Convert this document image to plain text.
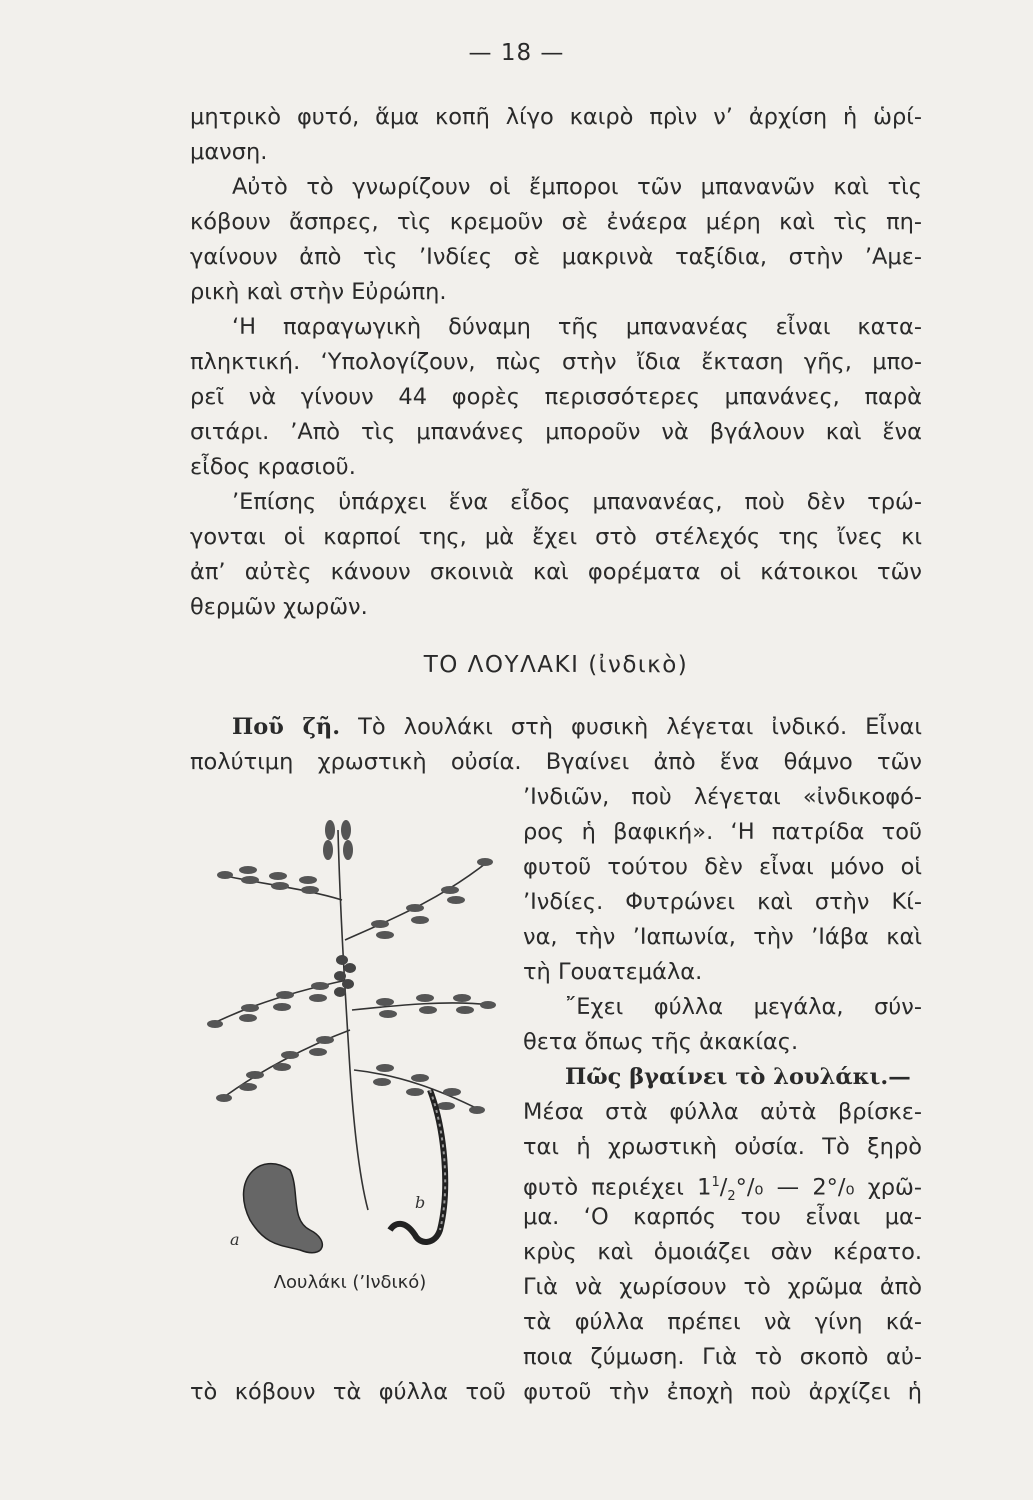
— 18 —
μητρικὸ φυτό, ἅμα κοπῆ λίγο καιρὸ πρὶν ν’ ἀρχίση ἡ ὡρί-
μανση.
Αὐτὸ τὸ γνωρίζουν οἱ ἔμποροι τῶν μπανανῶν καὶ τὶς
κόβουν ἄσπρες, τὶς κρεμοῦν σὲ ἐνάερα μέρη καὶ τὶς πη-
γαίνουν ἀπὸ τὶς ’Ινδίες σὲ μακρινὰ ταξίδια, στὴν ’Αμε-
ρικὴ καὶ στὴν Εὐρώπη.
‘Η παραγωγικὴ δύναμη τῆς μπανανέας εἶναι κατα-
πληκτική. ‘Υπολογίζουν, πὼς στὴν ἴδια ἔκταση γῆς, μπο-
ρεῖ νὰ γίνουν 44 φορὲς περισσότερες μπανάνες, παρὰ
σιτάρι. ’Απὸ τὶς μπανάνες μποροῦν νὰ βγάλουν καὶ ἕνα
εἶδος κρασιοῦ.
’Επίσης ὑπάρχει ἕνα εἶδος μπανανέας, ποὺ δὲν τρώ-
γονται οἱ καρποί της, μὰ ἔχει στὸ στέλεχός της ἴνες κι
ἀπ’ αὐτὲς κάνουν σκοινιὰ καὶ φορέματα οἱ κάτοικοι τῶν
θερμῶν χωρῶν.
ΤΟ ΛΟΥΛΑΚΙ (ἰνδικὸ)
Ποῦ ζῆ. Τὸ λουλάκι στὴ φυσικὴ λέγεται ἰνδικό. Εἶναι
πολύτιμη χρωστικὴ οὐσία. Βγαίνει ἀπὸ ἕνα θάμνο τῶν
’Ινδιῶν, ποὺ λέγεται «ἰνδικοφό-
ρος ἡ βαφική». ‘Η πατρίδα τοῦ
φυτοῦ τούτου δὲν εἶναι μόνο οἱ
’Ινδίες. Φυτρώνει καὶ στὴν Κί-
να, τὴν ’Ιαπωνία, τὴν ’Ιάβα καὶ
τὴ Γουατεμάλα.
῎Εχει φύλλα μεγάλα, σύν-
θετα ὅπως τῆς ἀκακίας.
Πῶς βγαίνει τὸ λουλάκι.—
Μέσα στὰ φύλλα αὐτὰ βρίσκε-
ται ἡ χρωστικὴ οὐσία. Τὸ ξηρὸ
φυτὸ περιέχει $1^1/_2^\circ/_0$ — 2°/₀ χρῶ-
μα. ‘Ο καρπός του εἶναι μα-
κρὺς καὶ ὁμοιάζει σὰν κέρατο.
Γιὰ νὰ χωρίσουν τὸ χρῶμα ἀπὸ
τὰ φύλλα πρέπει νὰ γίνη κά-
ποια ζύμωση. Γιὰ τὸ σκοπὸ αὐ-
τὸ κόβουν τὰ φύλλα τοῦ φυτοῦ τὴν ἐποχὴ ποὺ ἀρχίζει ἡ
a
b
Λουλάκι (’Ινδικό)
